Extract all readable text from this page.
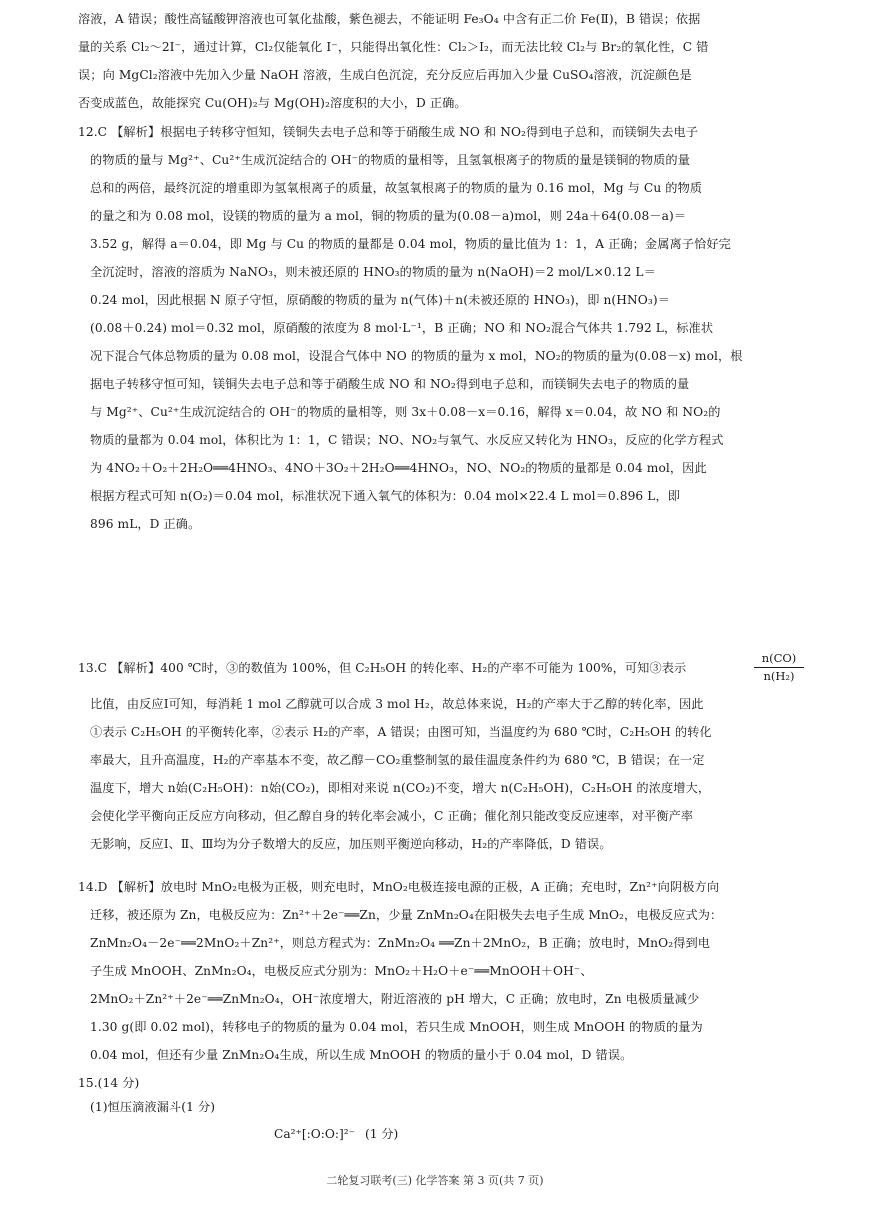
溶液，A 错误；酸性高锰酸钾溶液也可氧化盐酸，紫色褪去，不能证明 Fe₃O₄ 中含有正二价 Fe(Ⅱ)，B 错误；依据
量的关系 Cl₂～2I⁻，通过计算，Cl₂仅能氧化 I⁻，只能得出氧化性：Cl₂＞I₂，而无法比较 Cl₂与 Br₂的氧化性，C 错
误；向 MgCl₂溶液中先加入少量 NaOH 溶液，生成白色沉淀，充分反应后再加入少量 CuSO₄溶液，沉淀颜色是
否变成蓝色，故能探究 Cu(OH)₂与 Mg(OH)₂溶度积的大小，D 正确。
12.C 【解析】根据电子转移守恒知，镁铜失去电子总和等于硝酸生成 NO 和 NO₂得到电子总和，而镁铜失去电子
的物质的量与 Mg²⁺、Cu²⁺生成沉淀结合的 OH⁻的物质的量相等，且氢氧根离子的物质的量是镁铜的物质的量
总和的两倍，最终沉淀的增重即为氢氧根离子的质量，故氢氧根离子的物质的量为 0.16 mol，Mg 与 Cu 的物质
的量之和为 0.08 mol，设镁的物质的量为 a mol，铜的物质的量为(0.08－a)mol，则 24a＋64(0.08－a)＝
3.52 g，解得 a＝0.04，即 Mg 与 Cu 的物质的量都是 0.04 mol，物质的量比值为 1：1，A 正确；金属离子恰好完
全沉淀时，溶液的溶质为 NaNO₃，则未被还原的 HNO₃的物质的量为 n(NaOH)＝2 mol/L×0.12 L＝
0.24 mol，因此根据 N 原子守恒，原硝酸的物质的量为 n(气体)＋n(未被还原的 HNO₃)，即 n(HNO₃)＝
(0.08＋0.24) mol＝0.32 mol，原硝酸的浓度为 8 mol·L⁻¹，B 正确；NO 和 NO₂混合气体共 1.792 L，标准状
况下混合气体总物质的量为 0.08 mol，设混合气体中 NO 的物质的量为 x mol，NO₂的物质的量为(0.08－x) mol，根
据电子转移守恒可知，镁铜失去电子总和等于硝酸生成 NO 和 NO₂得到电子总和，而镁铜失去电子的物质的量
与 Mg²⁺、Cu²⁺生成沉淀结合的 OH⁻的物质的量相等，则 3x＋0.08－x＝0.16，解得 x＝0.04，故 NO 和 NO₂的
物质的量都为 0.04 mol，体积比为 1：1，C 错误；NO、NO₂与氧气、水反应又转化为 HNO₃，反应的化学方程式
为 4NO₂＋O₂＋2H₂O══4HNO₃、4NO＋3O₂＋2H₂O══4HNO₃，NO、NO₂的物质的量都是 0.04 mol，因此
根据方程式可知 n(O₂)＝0.04 mol，标准状况下通入氧气的体积为：0.04 mol×22.4 L mol＝0.896 L，即
896 mL，D 正确。
13.C 【解析】400 ℃时，③的数值为 100%，但 C₂H₅OH 的转化率、H₂的产率不可能为 100%，可知③表示
比值，由反应Ⅰ可知，每消耗 1 mol 乙醇就可以合成 3 mol H₂，故总体来说，H₂的产率大于乙醇的转化率，因此
①表示 C₂H₅OH 的平衡转化率，②表示 H₂的产率，A 错误；由图可知，当温度约为 680 ℃时，C₂H₅OH 的转化
率最大，且升高温度，H₂的产率基本不变，故乙醇－CO₂重整制氢的最佳温度条件约为 680 ℃，B 错误；在一定
温度下，增大 n始(C₂H₅OH)：n始(CO₂)，即相对来说 n(CO₂)不变，增大 n(C₂H₅OH)，C₂H₅OH 的浓度增大，
会使化学平衡向正反应方向移动，但乙醇自身的转化率会减小，C 正确；催化剂只能改变反应速率，对平衡产率
无影响，反应Ⅰ、Ⅱ、Ⅲ均为分子数增大的反应，加压则平衡逆向移动，H₂的产率降低，D 错误。
14.D 【解析】放电时 MnO₂电极为正极，则充电时，MnO₂电极连接电源的正极，A 正确；充电时，Zn²⁺向阴极方向
迁移，被还原为 Zn，电极反应为：Zn²⁺＋2e⁻══Zn，少量 ZnMn₂O₄在阳极失去电子生成 MnO₂，电极反应式为：
ZnMn₂O₄－2e⁻══2MnO₂＋Zn²⁺，则总方程式为：ZnMn₂O₄ ══Zn＋2MnO₂，B 正确；放电时，MnO₂得到电
子生成 MnOOH、ZnMn₂O₄，电极反应式分别为：MnO₂＋H₂O＋e⁻══MnOOH＋OH⁻、
2MnO₂＋Zn²⁺＋2e⁻══ZnMn₂O₄，OH⁻浓度增大，附近溶液的 pH 增大，C 正确；放电时，Zn 电极质量减少
1.30 g(即 0.02 mol)，转移电子的物质的量为 0.04 mol，若只生成 MnOOH，则生成 MnOOH 的物质的量为
0.04 mol，但还有少量 ZnMn₂O₄生成，所以生成 MnOOH 的物质的量小于 0.04 mol，D 错误。
15.(14 分)
(1)恒压滴液漏斗(1 分)
$\frac{n(CO)}{\text{n(H₂)}}$
Ca²⁺[:O:O:]²⁻ (1 分)
二轮复习联考(三) 化学答案 第 3 页(共 7 页)
